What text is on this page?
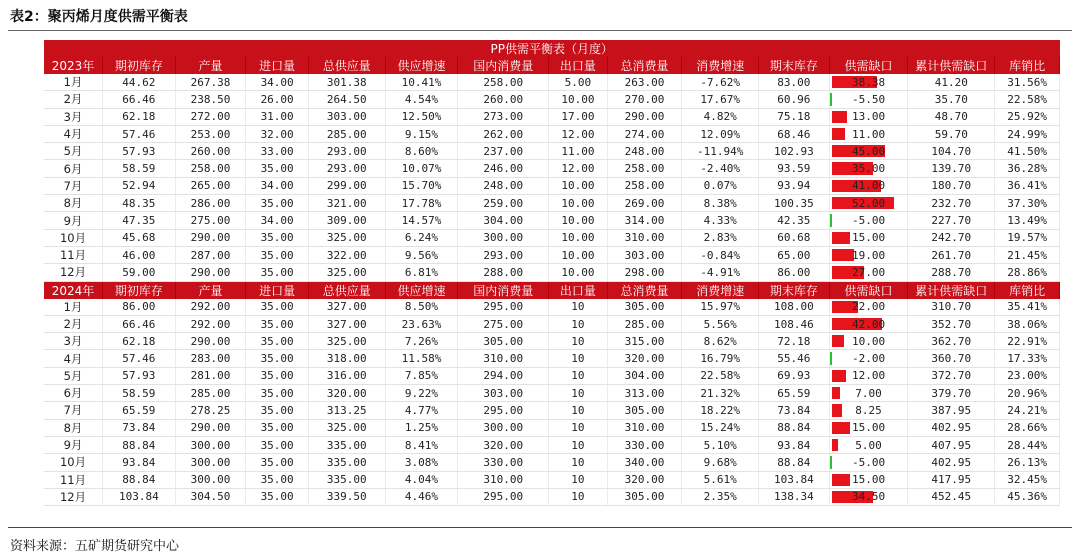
表2：聚丙烯月度供需平衡表
PP供需平衡表（月度）													
2023年	期初库存	产量	进口量	总供应量	供应增速	国内消费量	出口量	总消费量	消费增速	期末库存	供需缺口	累计供需缺口	库销比
1月	44.62	267.38	34.00	301.38	10.41%	258.00	5.00	263.00	-7.62%	83.00	38.38	41.20	31.56%
2月	66.46	238.50	26.00	264.50	4.54%	260.00	10.00	270.00	17.67%	60.96	-5.50	35.70	22.58%
3月	62.18	272.00	31.00	303.00	12.50%	273.00	17.00	290.00	4.82%	75.18	13.00	48.70	25.92%
4月	57.46	253.00	32.00	285.00	9.15%	262.00	12.00	274.00	12.09%	68.46	11.00	59.70	24.99%
5月	57.93	260.00	33.00	293.00	8.60%	237.00	11.00	248.00	-11.94%	102.93	45.00	104.70	41.50%
6月	58.59	258.00	35.00	293.00	10.07%	246.00	12.00	258.00	-2.40%	93.59	35.00	139.70	36.28%
7月	52.94	265.00	34.00	299.00	15.70%	248.00	10.00	258.00	0.07%	93.94	41.00	180.70	36.41%
8月	48.35	286.00	35.00	321.00	17.78%	259.00	10.00	269.00	8.38%	100.35	52.00	232.70	37.30%
9月	47.35	275.00	34.00	309.00	14.57%	304.00	10.00	314.00	4.33%	42.35	-5.00	227.70	13.49%
10月	45.68	290.00	35.00	325.00	6.24%	300.00	10.00	310.00	2.83%	60.68	15.00	242.70	19.57%
11月	46.00	287.00	35.00	322.00	9.56%	293.00	10.00	303.00	-0.84%	65.00	19.00	261.70	21.45%
12月	59.00	290.00	35.00	325.00	6.81%	288.00	10.00	298.00	-4.91%	86.00	27.00	288.70	28.86%
2024年	期初库存	产量	进口量	总供应量	供应增速	国内消费量	出口量	总消费量	消费增速	期末库存	供需缺口	累计供需缺口	库销比
1月	86.00	292.00	35.00	327.00	8.50%	295.00	10	305.00	15.97%	108.00	22.00	310.70	35.41%
2月	66.46	292.00	35.00	327.00	23.63%	275.00	10	285.00	5.56%	108.46	42.00	352.70	38.06%
3月	62.18	290.00	35.00	325.00	7.26%	305.00	10	315.00	8.62%	72.18	10.00	362.70	22.91%
4月	57.46	283.00	35.00	318.00	11.58%	310.00	10	320.00	16.79%	55.46	-2.00	360.70	17.33%
5月	57.93	281.00	35.00	316.00	7.85%	294.00	10	304.00	22.58%	69.93	12.00	372.70	23.00%
6月	58.59	285.00	35.00	320.00	9.22%	303.00	10	313.00	21.32%	65.59	7.00	379.70	20.96%
7月	65.59	278.25	35.00	313.25	4.77%	295.00	10	305.00	18.22%	73.84	8.25	387.95	24.21%
8月	73.84	290.00	35.00	325.00	1.25%	300.00	10	310.00	15.24%	88.84	15.00	402.95	28.66%
9月	88.84	300.00	35.00	335.00	8.41%	320.00	10	330.00	5.10%	93.84	5.00	407.95	28.44%
10月	93.84	300.00	35.00	335.00	3.08%	330.00	10	340.00	9.68%	88.84	-5.00	402.95	26.13%
11月	88.84	300.00	35.00	335.00	4.04%	310.00	10	320.00	5.61%	103.84	15.00	417.95	32.45%
12月	103.84	304.50	35.00	339.50	4.46%	295.00	10	305.00	2.35%	138.34	34.50	452.45	45.36%
资料来源：五矿期货研究中心
